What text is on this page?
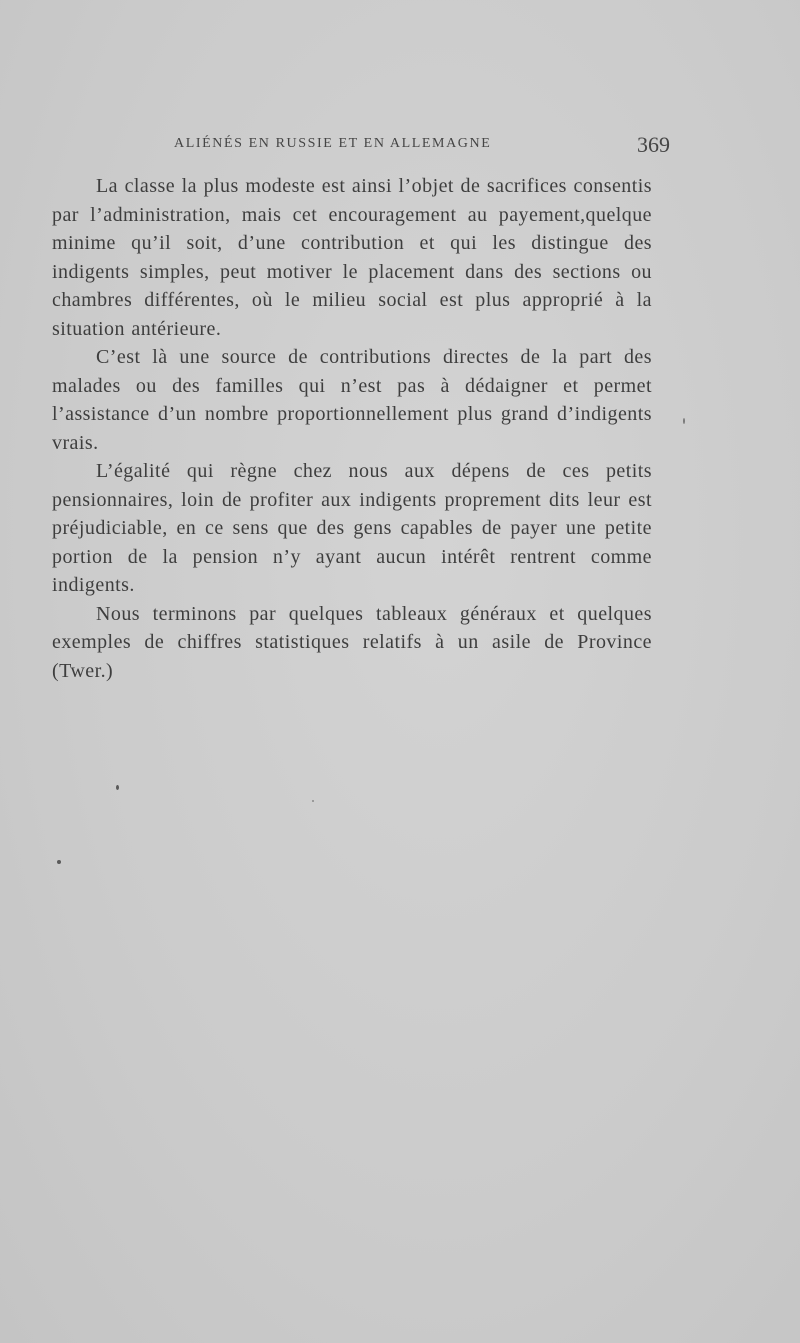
ALIÉNÉS EN RUSSIE ET EN ALLEMAGNE	369

La classe la plus modeste est ainsi l’objet de sacrifices consentis par l’administration, mais cet encouragement au payement,quelque minime qu’il soit, d’une contribution et qui les distingue des indigents simples, peut motiver le placement dans des sections ou chambres différentes, où le milieu social est plus approprié à la situation antérieure.

C’est là une source de contributions directes de la part des malades ou des familles qui n’est pas à dédaigner et permet l’assistance d’un nombre proportionnellement plus grand d’indigents vrais.

L’égalité qui règne chez nous aux dépens de ces petits pensionnaires, loin de profiter aux indigents proprement dits leur est préjudiciable, en ce sens que des gens capables de payer une petite portion de la pension n’y ayant aucun intérêt rentrent comme indigents.

Nous terminons par quelques tableaux généraux et quelques exemples de chiffres statistiques relatifs à un asile de Province (Twer.)
